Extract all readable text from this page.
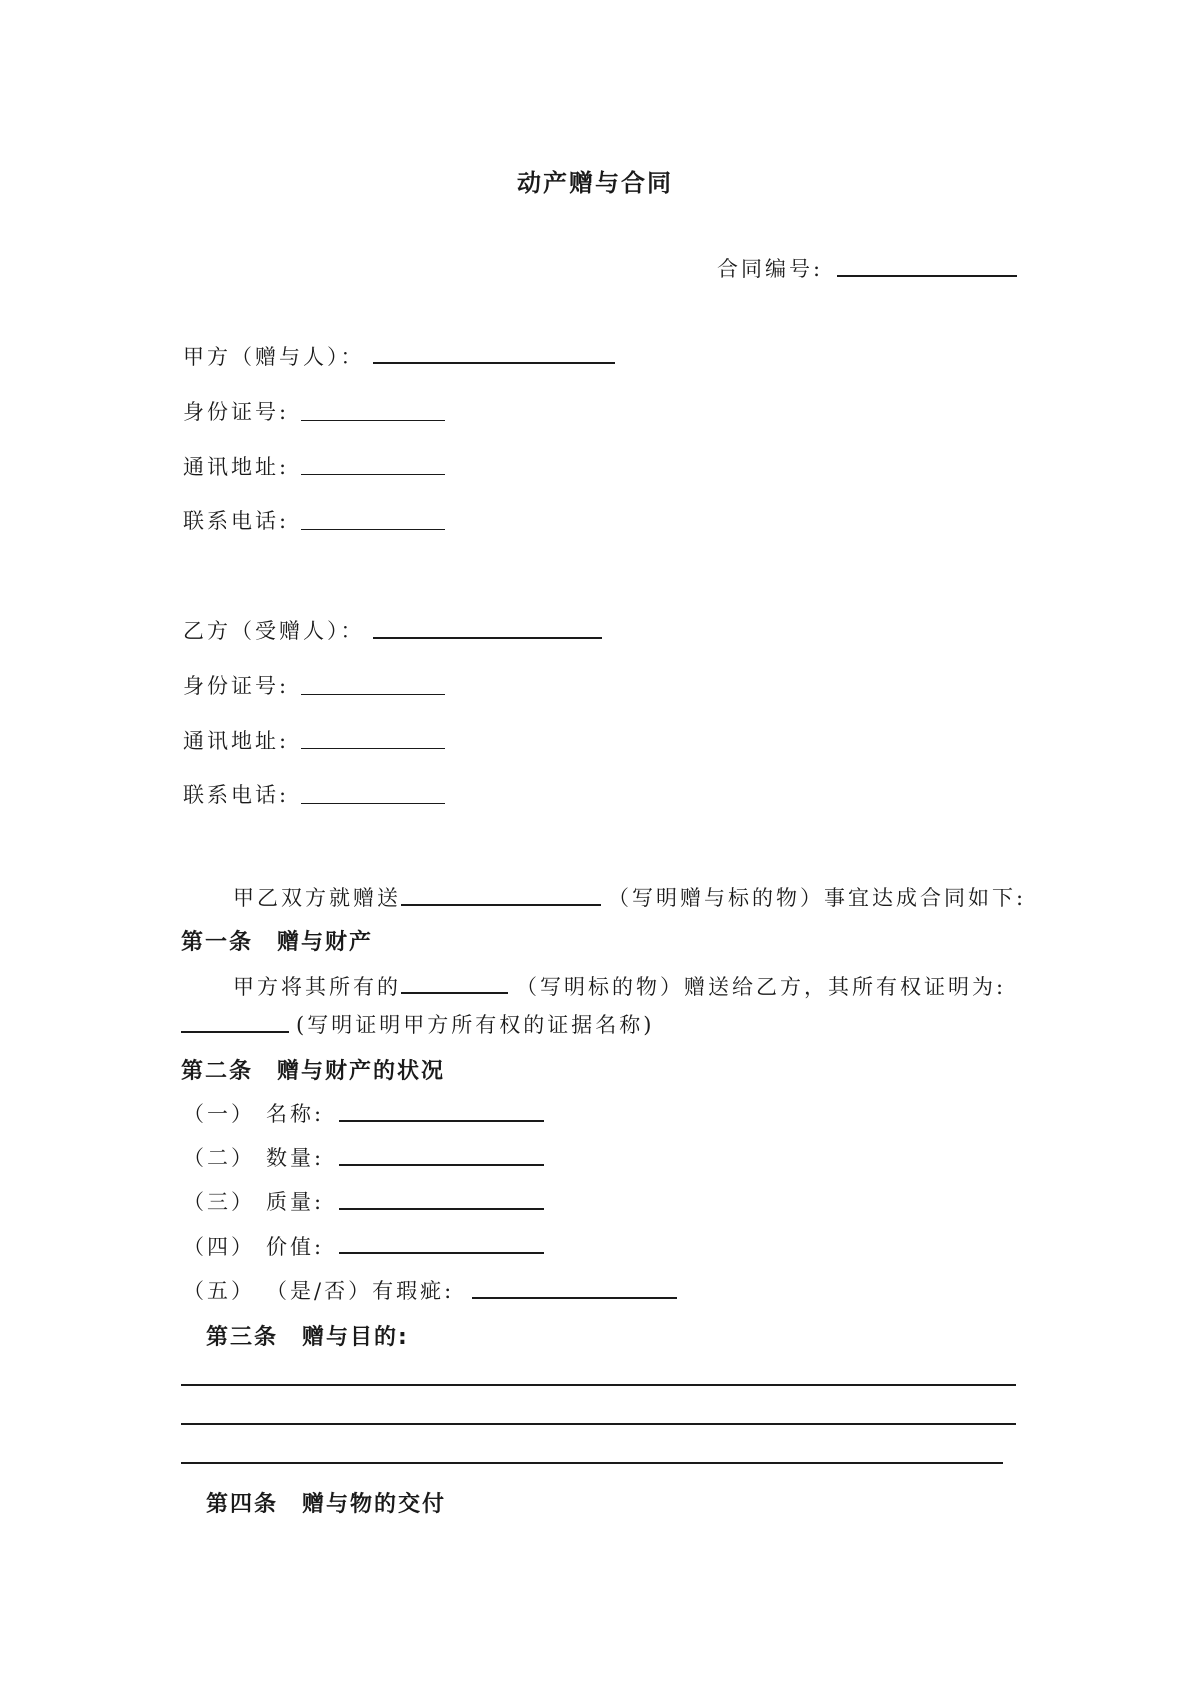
动产赠与合同
合同编号:
甲方（赠与人）：
身份证号:
通讯地址:
联系电话:
乙方（受赠人）：
身份证号:
通讯地址:
联系电话:
甲乙双方就赠送	（写明赠与标的物）事宜达成合同如下:
第一条　赠与财产
甲方将其所有的	（写明标的物）赠送给乙方，其所有权证明为:
(写明证明甲方所有权的证据名称)
第二条　赠与财产的状况
（一） 名称:
（二） 数量:
（三） 质量:
（四） 价值:
（五） （是/否）有瑕疵:
第三条　赠与目的:
第四条　赠与物的交付
